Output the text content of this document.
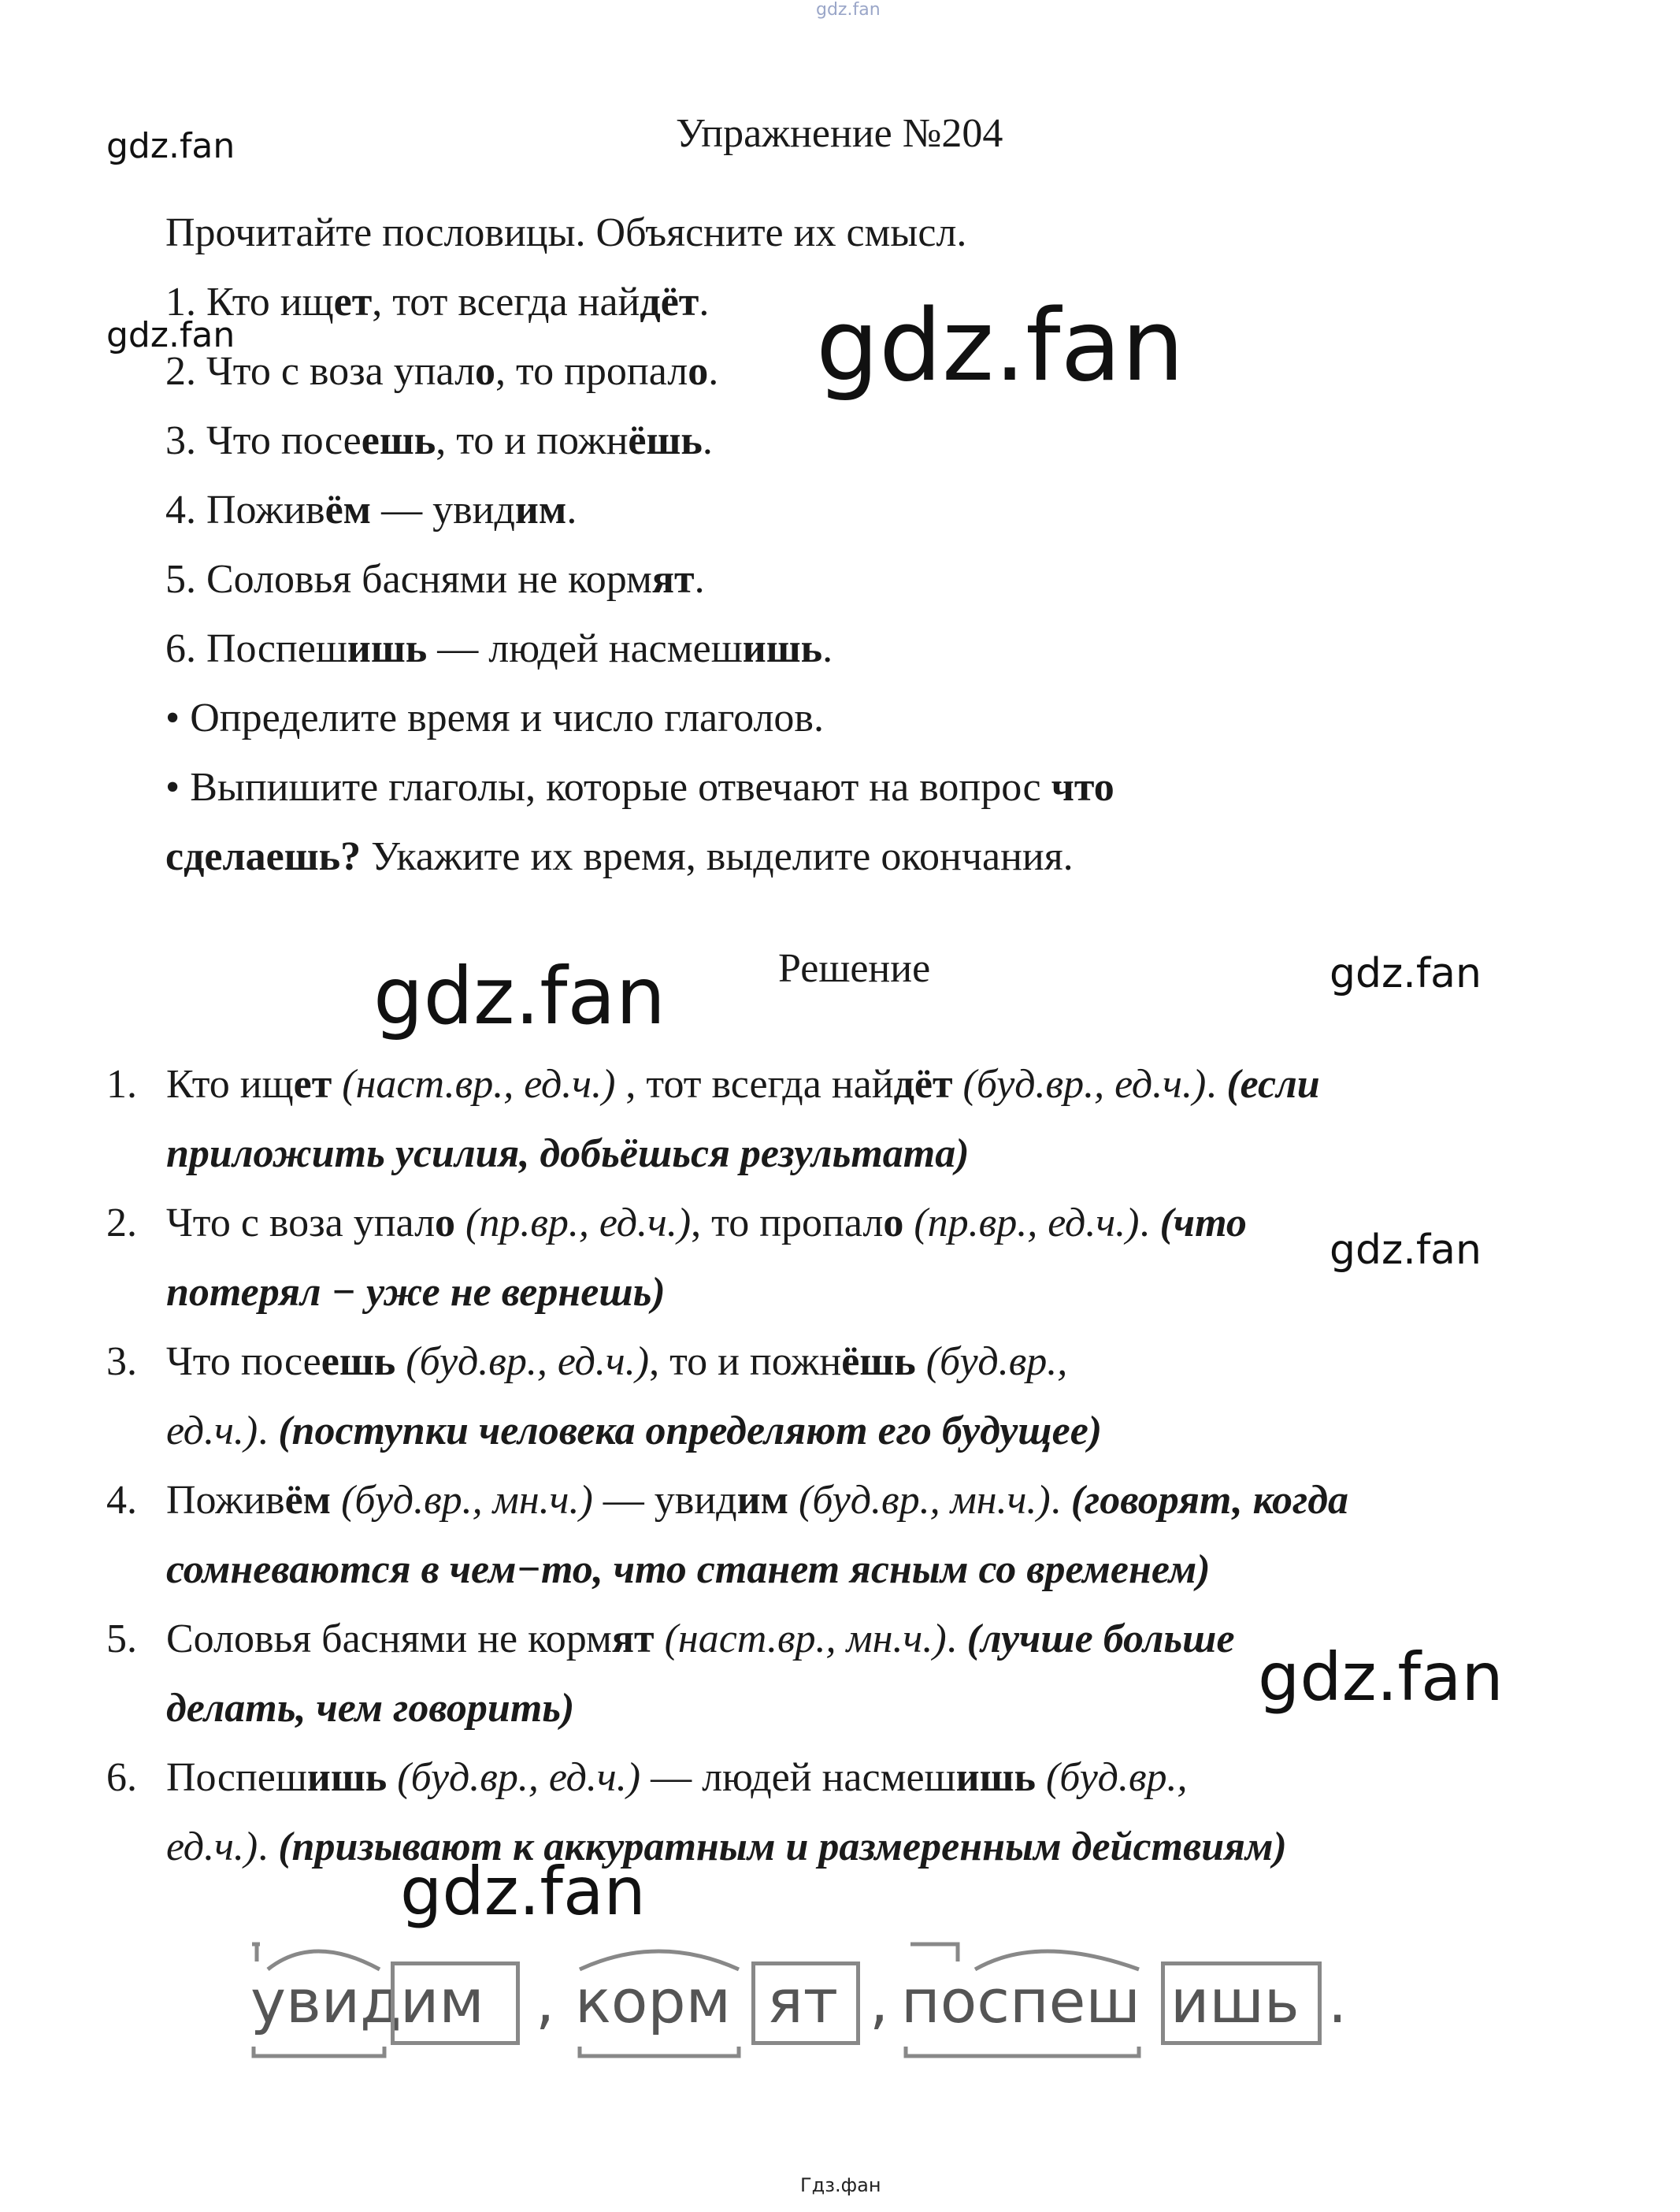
gdz.fan
Упражнение №204
gdz.fan
gdz.fan	gdz.fan
gdz.fan	gdz.fan
gdz.fan
gdz.fan
gdz.fan
Прочитайте пословицы. Объясните их смысл.
1. Кто ищет, тот всегда найдёт.
2. Что с воза упало, то пропало.
3. Что посеешь, то и пожнёшь.
4. Поживём — увидим.
5. Соловья баснями не кормят.
6. Поспешишь — людей насмешишь.
• Определите время и число глаголов.
• Выпишите глаголы, которые отвечают на вопрос что
сделаешь? Укажите их время, выделите окончания.
Решение
1. Кто ищет (наст.вр., ед.ч.) , тот всегда найдёт (буд.вр., ед.ч.). (если
приложить усилия, добьёшься результата)
2. Что с воза упало (пр.вр., ед.ч.), то пропало (пр.вр., ед.ч.). (что
потерял − уже не вернешь)
3. Что посеешь (буд.вр., ед.ч.), то и пожнёшь (буд.вр.,
ед.ч.). (поступки человека определяют его будущее)
4. Поживём (буд.вр., мн.ч.) — увидим (буд.вр., мн.ч.). (говорят, когда
сомневаются в чем−то, что станет ясным со временем)
5. Соловья баснями не кормят (наст.вр., мн.ч.). (лучше больше
делать, чем говорить)
6. Поспешишь (буд.вр., ед.ч.) — людей насмешишь (буд.вр.,
ед.ч.). (призывают к аккуратным и размеренным действиям)
увид
им , корм ят , поспеш ишь .
Гдз.фан
